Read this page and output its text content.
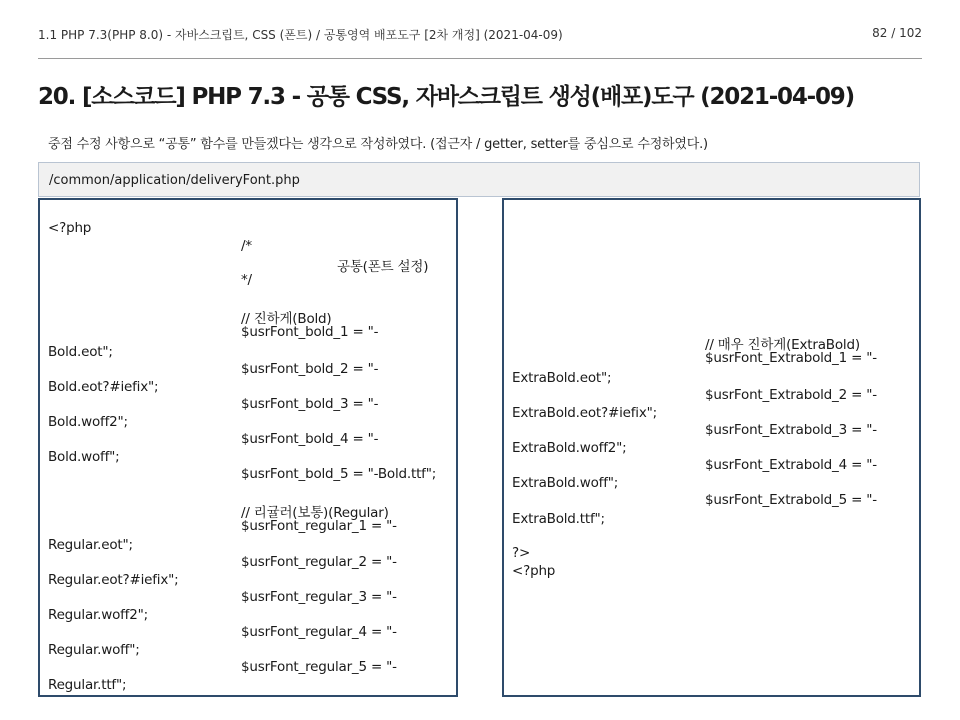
1.1 PHP 7.3(PHP 8.0) - 자바스크립트, CSS (폰트) / 공통영역 배포도구 [2차 개정] (2021-04-09)	82 / 102
20. [소스코드] PHP 7.3 - 공통 CSS, 자바스크립트 생성(배포)도구 (2021-04-09)
중점 수정 사항으로 “공통” 함수를 만들겠다는 생각으로 작성하였다. (접근자 / getter, setter를 중심으로 수정하였다.)
/common/application/deliveryFont.php
<?php
/*
공통(폰트 설정)
*/
// 진하게(Bold)
$usrFont_bold_1 = "-
Bold.eot";
$usrFont_bold_2 = "-
Bold.eot?#iefix";
$usrFont_bold_3 = "-
Bold.woff2";
$usrFont_bold_4 = "-
Bold.woff";
$usrFont_bold_5 = "-Bold.ttf";
// 리귤러(보통)(Regular)
$usrFont_regular_1 = "-
Regular.eot";
$usrFont_regular_2 = "-
Regular.eot?#iefix";
$usrFont_regular_3 = "-
Regular.woff2";
$usrFont_regular_4 = "-
Regular.woff";
$usrFont_regular_5 = "-
Regular.ttf";
// 매우 진하게(ExtraBold)
$usrFont_Extrabold_1 = "-
ExtraBold.eot";
$usrFont_Extrabold_2 = "-
ExtraBold.eot?#iefix";
$usrFont_Extrabold_3 = "-
ExtraBold.woff2";
$usrFont_Extrabold_4 = "-
ExtraBold.woff";
$usrFont_Extrabold_5 = "-
ExtraBold.ttf";
?>
<?php
